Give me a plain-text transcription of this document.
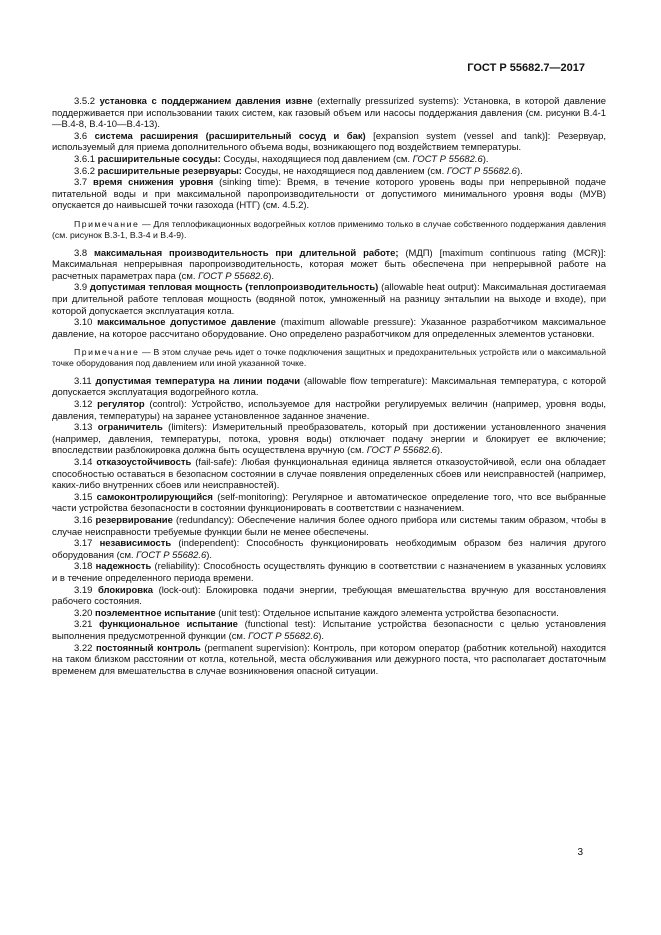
ГОСТ Р 55682.7—2017

3.5.2 установка с поддержанием давления извне (externally pressurized systems): Установка, в которой давление поддерживается при использовании таких систем, как газовый объем или насосы поддержания давления (см. рисунки В.4-1—В.4-8, В.4-10—В.4-13).

3.6 система расширения (расширительный сосуд и бак) [expansion system (vessel and tank)]: Резервуар, используемый для приема дополнительного объема воды, возникающего под воздействием температуры.

3.6.1 расширительные сосуды: Сосуды, находящиеся под давлением (см. ГОСТ Р 55682.6).

3.6.2 расширительные резервуары: Сосуды, не находящиеся под давлением (см. ГОСТ Р 55682.6).

3.7 время снижения уровня (sinking time): Время, в течение которого уровень воды при непрерывной подаче питательной воды и при максимальной паропроизводительности от допустимого минимального уровня воды (МУВ) опускается до наивысшей точки газохода (НТГ) (см. 4.5.2).

Примечание — Для теплофикационных водогрейных котлов применимо только в случае собственного поддержания давления (см. рисунок В.3-1, В.3-4 и В.4-9).

3.8 максимальная производительность при длительной работе; (МДП) [maximum continuous rating (MCR)]: Максимальная непрерывная паропроизводительность, которая может быть обеспечена при непрерывной работе на расчетных параметрах пара (см. ГОСТ Р 55682.6).

3.9 допустимая тепловая мощность (теплопроизводительность) (allowable heat output): Максимальная достигаемая при длительной работе тепловая мощность (водяной поток, умноженный на разницу энтальпии на выходе и входе), при которой допускается эксплуатация котла.

3.10 максимальное допустимое давление (maximum allowable pressure): Указанное разработчиком максимальное давление, на которое рассчитано оборудование. Оно определено разработчиком для определенных элементов установки.

Примечание — В этом случае речь идет о точке подключения защитных и предохранительных устройств или о максимальной точке оборудования под давлением или иной указанной точке.

3.11 допустимая температура на линии подачи (allowable flow temperature): Максимальная температура, с которой допускается эксплуатация водогрейного котла.

3.12 регулятор (control): Устройство, используемое для настройки регулируемых величин (например, уровня воды, давления, температуры) на заранее установленное заданное значение.

3.13 ограничитель (limiters): Измерительный преобразователь, который при достижении установленного значения (например, давления, температуры, потока, уровня воды) отключает подачу энергии и блокирует ее включение; впоследствии разблокировка должна быть осуществлена вручную (см. ГОСТ Р 55682.6).

3.14 отказоустойчивость (fail-safe): Любая функциональная единица является отказоустойчивой, если она обладает способностью оставаться в безопасном состоянии в случае появления определенных сбоев или неисправностей (например, каких-либо внутренних сбоев или неисправностей).

3.15 самоконтролирующийся (self-monitoring): Регулярное и автоматическое определение того, что все выбранные части устройства безопасности в состоянии функционировать в соответствии с назначением.

3.16 резервирование (redundancy): Обеспечение наличия более одного прибора или системы таким образом, чтобы в случае неисправности требуемые функции были не менее обеспечены.

3.17 независимость (independent): Способность функционировать необходимым образом без наличия другого оборудования (см. ГОСТ Р 55682.6).

3.18 надежность (reliability): Способность осуществлять функцию в соответствии с назначением в указанных условиях и в течение определенного периода времени.

3.19 блокировка (lock-out): Блокировка подачи энергии, требующая вмешательства вручную для восстановления рабочего состояния.

3.20 поэлементное испытание (unit test): Отдельное испытание каждого элемента устройства безопасности.

3.21 функциональное испытание (functional test): Испытание устройства безопасности с целью установления выполнения предусмотренной функции (см. ГОСТ Р 55682.6).

3.22 постоянный контроль (permanent supervision): Контроль, при котором оператор (работник котельной) находится на таком близком расстоянии от котла, котельной, места обслуживания или дежурного поста, что располагает достаточным временем для вмешательства в случае возникновения опасной ситуации.

3
